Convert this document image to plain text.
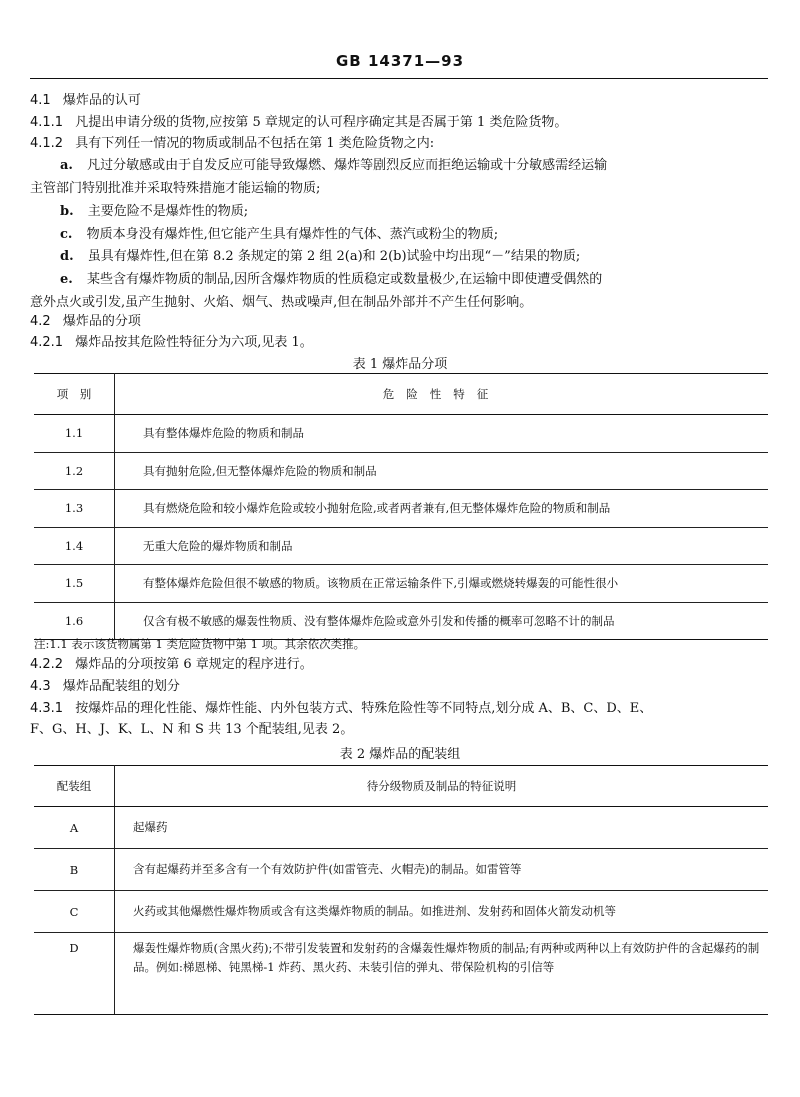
GB 14371—93
4.1 爆炸品的认可
4.1.1 凡提出申请分级的货物,应按第 5 章规定的认可程序确定其是否属于第 1 类危险货物。
4.1.2 具有下列任一情况的物质或制品不包括在第 1 类危险货物之内:
a. 凡过分敏感或由于自发反应可能导致爆燃、爆炸等剧烈反应而拒绝运输或十分敏感需经运输
主管部门特别批准并采取特殊措施才能运输的物质;
b. 主要危险不是爆炸性的物质;
c. 物质本身没有爆炸性,但它能产生具有爆炸性的气体、蒸汽或粉尘的物质;
d. 虽具有爆炸性,但在第 8.2 条规定的第 2 组 2(a)和 2(b)试验中均出现“－”结果的物质;
e. 某些含有爆炸物质的制品,因所含爆炸物质的性质稳定或数量极少,在运输中即使遭受偶然的
意外点火或引发,虽产生抛射、火焰、烟气、热或噪声,但在制品外部并不产生任何影响。
4.2 爆炸品的分项
4.2.1 爆炸品按其危险性特征分为六项,见表 1。
表 1 爆炸品分项
项　别	危险性特征
1.1	具有整体爆炸危险的物质和制品
1.2	具有抛射危险,但无整体爆炸危险的物质和制品
1.3	具有燃烧危险和较小爆炸危险或较小抛射危险,或者两者兼有,但无整体爆炸危险的物质和制品
1.4	无重大危险的爆炸物质和制品
1.5	有整体爆炸危险但很不敏感的物质。该物质在正常运输条件下,引爆或燃烧转爆轰的可能性很小
1.6	仅含有极不敏感的爆轰性物质、没有整体爆炸危险或意外引发和传播的概率可忽略不计的制品
注:1.1 表示该货物属第 1 类危险货物中第 1 项。其余依次类推。
4.2.2 爆炸品的分项按第 6 章规定的程序进行。
4.3 爆炸品配装组的划分
4.3.1 按爆炸品的理化性能、爆炸性能、内外包装方式、特殊危险性等不同特点,划分成 A、B、C、D、E、
F、G、H、J、K、L、N 和 S 共 13 个配装组,见表 2。
表 2 爆炸品的配装组
配装组	待分级物质及制品的特征说明
A	起爆药
B	含有起爆药并至多含有一个有效防护件(如雷管壳、火帽壳)的制品。如雷管等
C	火药或其他爆燃性爆炸物质或含有这类爆炸物质的制品。如推进剂、发射药和固体火箭发动机等
D	爆轰性爆炸物质(含黑火药);不带引发装置和发射药的含爆轰性爆炸物质的制品;有两种或两种以上有效防护件的含起爆药的制品。例如:梯恩梯、钝黑梯-1 炸药、黑火药、未装引信的弹丸、带保险机构的引信等
